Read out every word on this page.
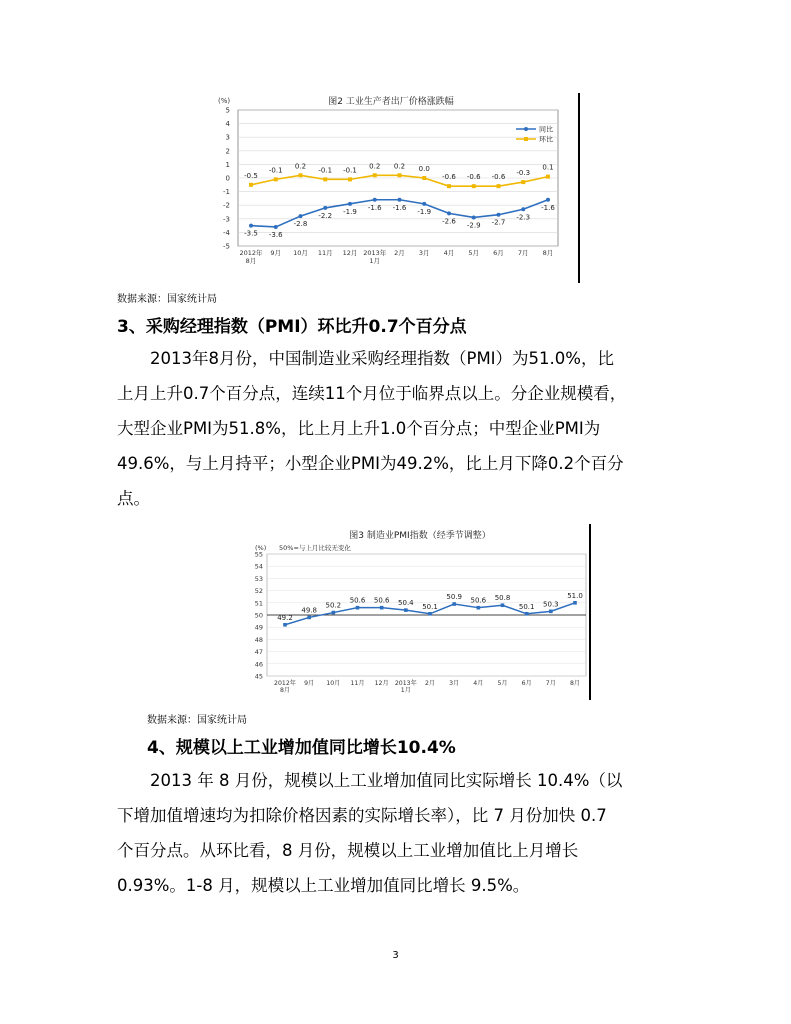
(%)	图2 工业生产者出厂价格涨跌幅
5
4
3
2
1
0
-1
-2
-3
-4
-5
2012年
8月
9月 10月 11月 12月 2013年
1月
2月 3月 4月 5月 6月 7月 8月
-3.5 -3.6
-2.8
-2.2
-1.9
-1.6 -1.6
-1.9
-2.6
-2.9 -2.7
-2.3
-1.6
-0.5
-0.1
0.2
-0.1 -0.1
0.2 0.2 0.0
-0.6 -0.6 -0.6
-0.3
0.1
同比
环比
数据来源：国家统计局
3、采购经理指数（PMI）环比升0.7个百分点
　　2013年8月份，中国制造业采购经理指数（PMI）为51.0%，比
上月上升0.7个百分点，连续11个月位于临界点以上。分企业规模看，
大型企业PMI为51.8%，比上月上升1.0个百分点；中型企业PMI为
49.6%，与上月持平；小型企业PMI为49.2%，比上月下降0.2个百分
点。
图3 制造业PMI指数（经季节调整）
(%) 50%=与上月比较无变化
55
54
53
52
51
50
49
48
47
46
45
2012年
8月
9月 10月 11月 12月 2013年
1月
2月 3月 4月 5月 6月 7月 8月
49.2
49.8
50.2
50.6 50.6 50.4 50.1
50.9 50.6 50.8
50.1 50.3
51.0
数据来源：国家统计局
4、规模以上工业增加值同比增长10.4%
　　2013 年 8 月份，规模以上工业增加值同比实际增长 10.4%（以
下增加值增速均为扣除价格因素的实际增长率），比 7 月份加快 0.7
个百分点。从环比看，8 月份，规模以上工业增加值比上月增长
0.93%。1-8 月，规模以上工业增加值同比增长 9.5%。
3
